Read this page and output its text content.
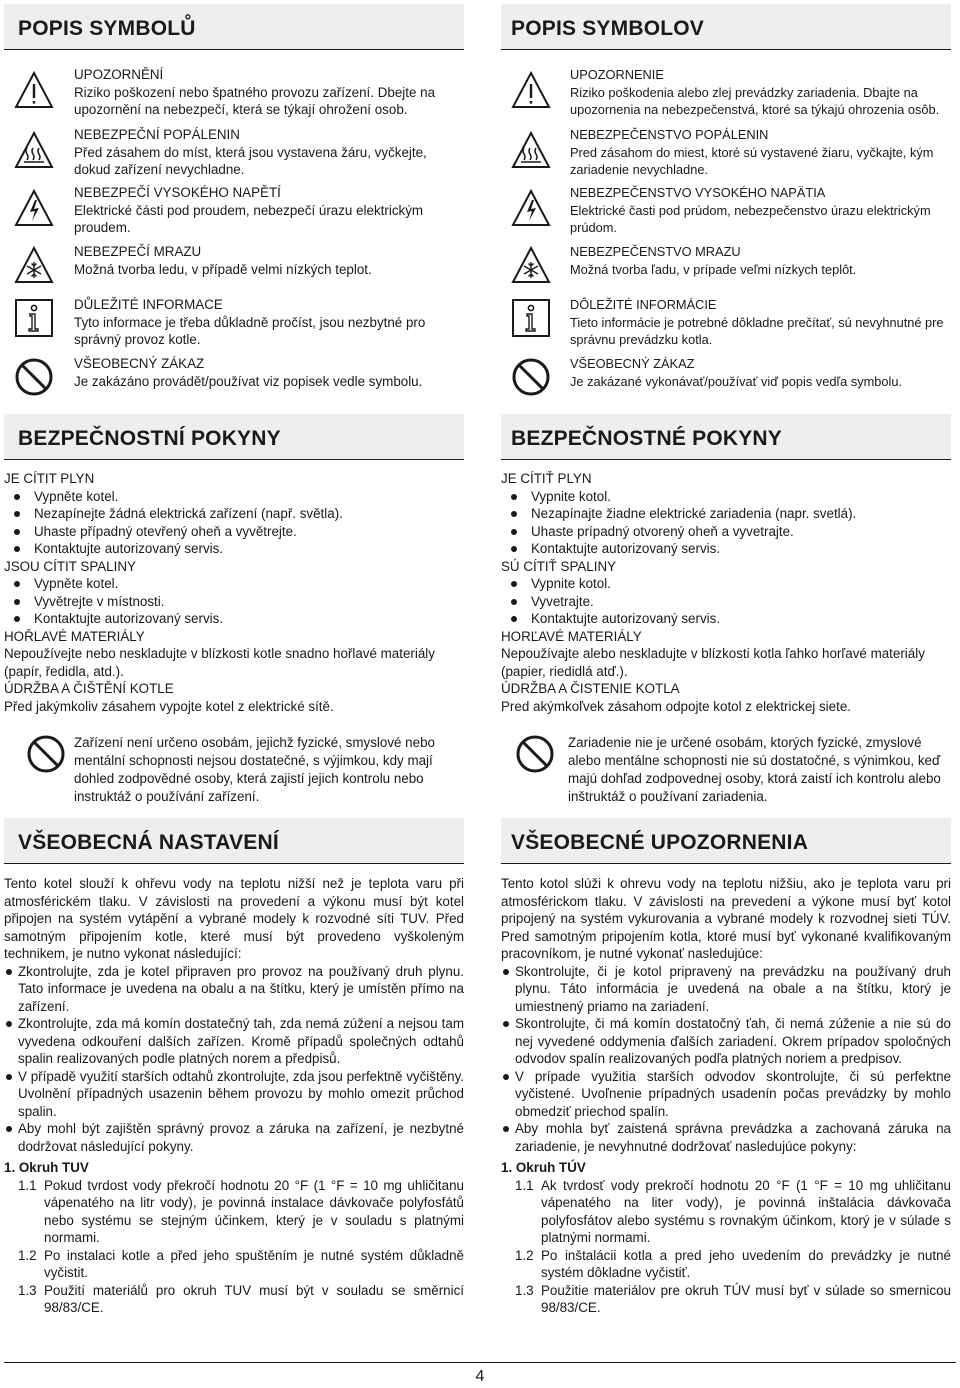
POPIS SYMBOLŮ
UPOZORNĚNÍ
Riziko poškození nebo špatného provozu zařízení. Dbejte na upozornění na nebezpečí, která se týkají ohrožení osob.
NEBEZPEČNÍ POPÁLENIN
Před zásahem do míst, která jsou vystavena žáru, vyčkejte, dokud zařízení nevychladne.
NEBEZPEČÍ VYSOKÉHO NAPĚTÍ
Elektrické části pod proudem, nebezpečí úrazu elektrickým proudem.
NEBEZPEČÍ MRAZU
Možná tvorba ledu, v případě velmi nízkých teplot.
DŮLEŽITÉ INFORMACE
Tyto informace je třeba důkladně pročíst, jsou nezbytné pro správný provoz kotle.
VŠEOBECNÝ ZÁKAZ
Je zakázáno provádět/používat viz popisek vedle symbolu.
BEZPEČNOSTNÍ POKYNY
JE CÍTIT PLYN
Vypněte kotel.
Nezapínejte žádná elektrická zařízení (např. světla).
Uhaste případný otevřený oheň a vyvětrejte.
Kontaktujte autorizovaný servis.
JSOU CÍTIT SPALINY
Vypněte kotel.
Vyvětrejte v místnosti.
Kontaktujte autorizovaný servis.
HOŘLAVÉ MATERIÁLY

Nepoužívejte nebo neskladujte v blízkosti kotle snadno hořlavé materiály (papír, ředidla, atd.).

ÚDRŽBA A ČIŠTĚNÍ KOTLE

Před jakýmkoliv zásahem vypojte kotel z elektrické sítě.

Zařízení není určeno osobám, jejichž fyzické, smyslové nebo mentální schopnosti nejsou dostatečné, s výjimkou, kdy mají dohled zodpovědné osoby, která zajistí jejich kontrolu nebo instruktáž o používání zařízení.
VŠEOBECNÁ NASTAVENÍ

Tento kotel slouží k ohřevu vody na teplotu nižší než je teplota varu při atmosférickém tlaku. V závislosti na provedení a výkonu musí být kotel připojen na systém vytápění a vybrané modely k rozvodné síti TUV. Před samotným připojením kotle, které musí být provedeno vyškoleným technikem, je nutno vykonat následující:

Zkontrolujte, zda je kotel připraven pro provoz na používaný druh plynu. Tato informace je uvedena na obalu a na štítku, který je umístěn přímo na zařízení.
Zkontrolujte, zda má komín dostatečný tah, zda nemá zúžení a nejsou tam vyvedena odkouření dalších zařízen. Kromě případů společných odtahů spalin realizovaných podle platných norem a předpisů.
V případě využití starších odtahů zkontrolujte, zda jsou perfektně vyčištěny. Uvolnění případných usazenin během provozu by mohlo omezit průchod spalin.
Aby mohl být zajištěn správný provoz a záruka na zařízení, je nezbytné dodržovat následující pokyny.
1. Okruh TUV
1.1 Pokud tvrdost vody překročí hodnotu 20 °F (1 °F = 10 mg uhličitanu vápenatého na litr vody), je povinná instalace dávkovače polyfosfátů nebo systému se stejným účinkem, který je v souladu s platnými normami.
1.2 Po instalaci kotle a před jeho spuštěním je nutné systém důkladně vyčistit.
1.3 Použití materiálů pro okruh TUV musí být v souladu se směrnicí 98/83/CE.
POPIS SYMBOLOV
UPOZORNENIE
Riziko poškodenia alebo zlej prevádzky zariadenia. Dbajte na upozornenia na nebezpečenstvá, ktoré sa týkajú ohrozenia osôb.
NEBEZPEČENSTVO POPÁLENIN
Pred zásahom do miest, ktoré sú vystavené žiaru, vyčkajte, kým zariadenie nevychladne.
NEBEZPEČENSTVO VYSOKÉHO NAPÄTIA
Elektrické časti pod prúdom, nebezpečenstvo úrazu elektrickým prúdom.
NEBEZPEČENSTVO MRAZU
Možná tvorba ľadu, v prípade veľmi nízkych teplôt.
DÔLEŽITÉ INFORMÁCIE
Tieto informácie je potrebné dôkladne prečítať, sú nevyhnutné pre správnu prevádzku kotla.
VŠEOBECNÝ ZÁKAZ
Je zakázané vykonávať/používať viď popis vedľa symbolu.
BEZPEČNOSTNÉ POKYNY
JE CÍTIŤ PLYN
Vypnite kotol.
Nezapínajte žiadne elektrické zariadenia (napr. svetlá).
Uhaste prípadný otvorený oheň a vyvetrajte.
Kontaktujte autorizovaný servis.
SÚ CÍTIŤ SPALINY
Vypnite kotol.
Vyvetrajte.
Kontaktujte autorizovaný servis.
HORĽAVÉ MATERIÁLY

Nepoužívajte alebo neskladujte v blízkosti kotla ľahko horľavé materiály (papier, riedidlá atď.).

ÚDRŽBA A ČISTENIE KOTLA

Pred akýmkoľvek zásahom odpojte kotol z elektrickej siete.

Zariadenie nie je určené osobám, ktorých fyzické, zmyslové alebo mentálne schopnosti nie sú dostatočné, s výnimkou, keď majú dohľad zodpovednej osoby, ktorá zaistí ich kontrolu alebo inštruktáž o používaní zariadenia.
VŠEOBECNÉ UPOZORNENIA

Tento kotol slúži k ohrevu vody na teplotu nižšiu, ako je teplota varu pri atmosférickom tlaku. V závislosti na prevedení a výkone musí byť kotol pripojený na systém vykurovania a vybrané modely k rozvodnej sieti TÚV. Pred samotným pripojením kotla, ktoré musí byť vykonané kvalifikovaným pracovníkom, je nutné vykonať nasledujúce:

Skontrolujte, či je kotol pripravený na prevádzku na používaný druh plynu. Táto informácia je uvedená na obale a na štítku, ktorý je umiestnený priamo na zariadení.
Skontrolujte, či má komín dostatočný ťah, či nemá zúženie a nie sú do nej vyvedené oddymenia ďalších zariadení. Okrem prípadov spoločných odvodov spalín realizovaných podľa platných noriem a predpisov.
V prípade využitia starších odvodov skontrolujte, či sú perfektne vyčistené. Uvoľnenie prípadných usadenín počas prevádzky by mohlo obmedziť priechod spalín.
Aby mohla byť zaistená správna prevádzka a zachovaná záruka na zariadenie, je nevyhnutné dodržovať nasledujúce pokyny:
1. Okruh TÚV
1.1 Ak tvrdosť vody prekročí hodnotu 20 °F (1 °F = 10 mg uhličitanu vápenatého na liter vody), je povinná inštalácia dávkovača polyfosfátov alebo systému s rovnakým účinkom, ktorý je v súlade s platnými normami.
1.2 Po inštalácii kotla a pred jeho uvedením do prevádzky je nutné systém dôkladne vyčistiť.
1.3 Použitie materiálov pre okruh TÚV musí byť v súlade so smernicou 98/83/CE.
4
